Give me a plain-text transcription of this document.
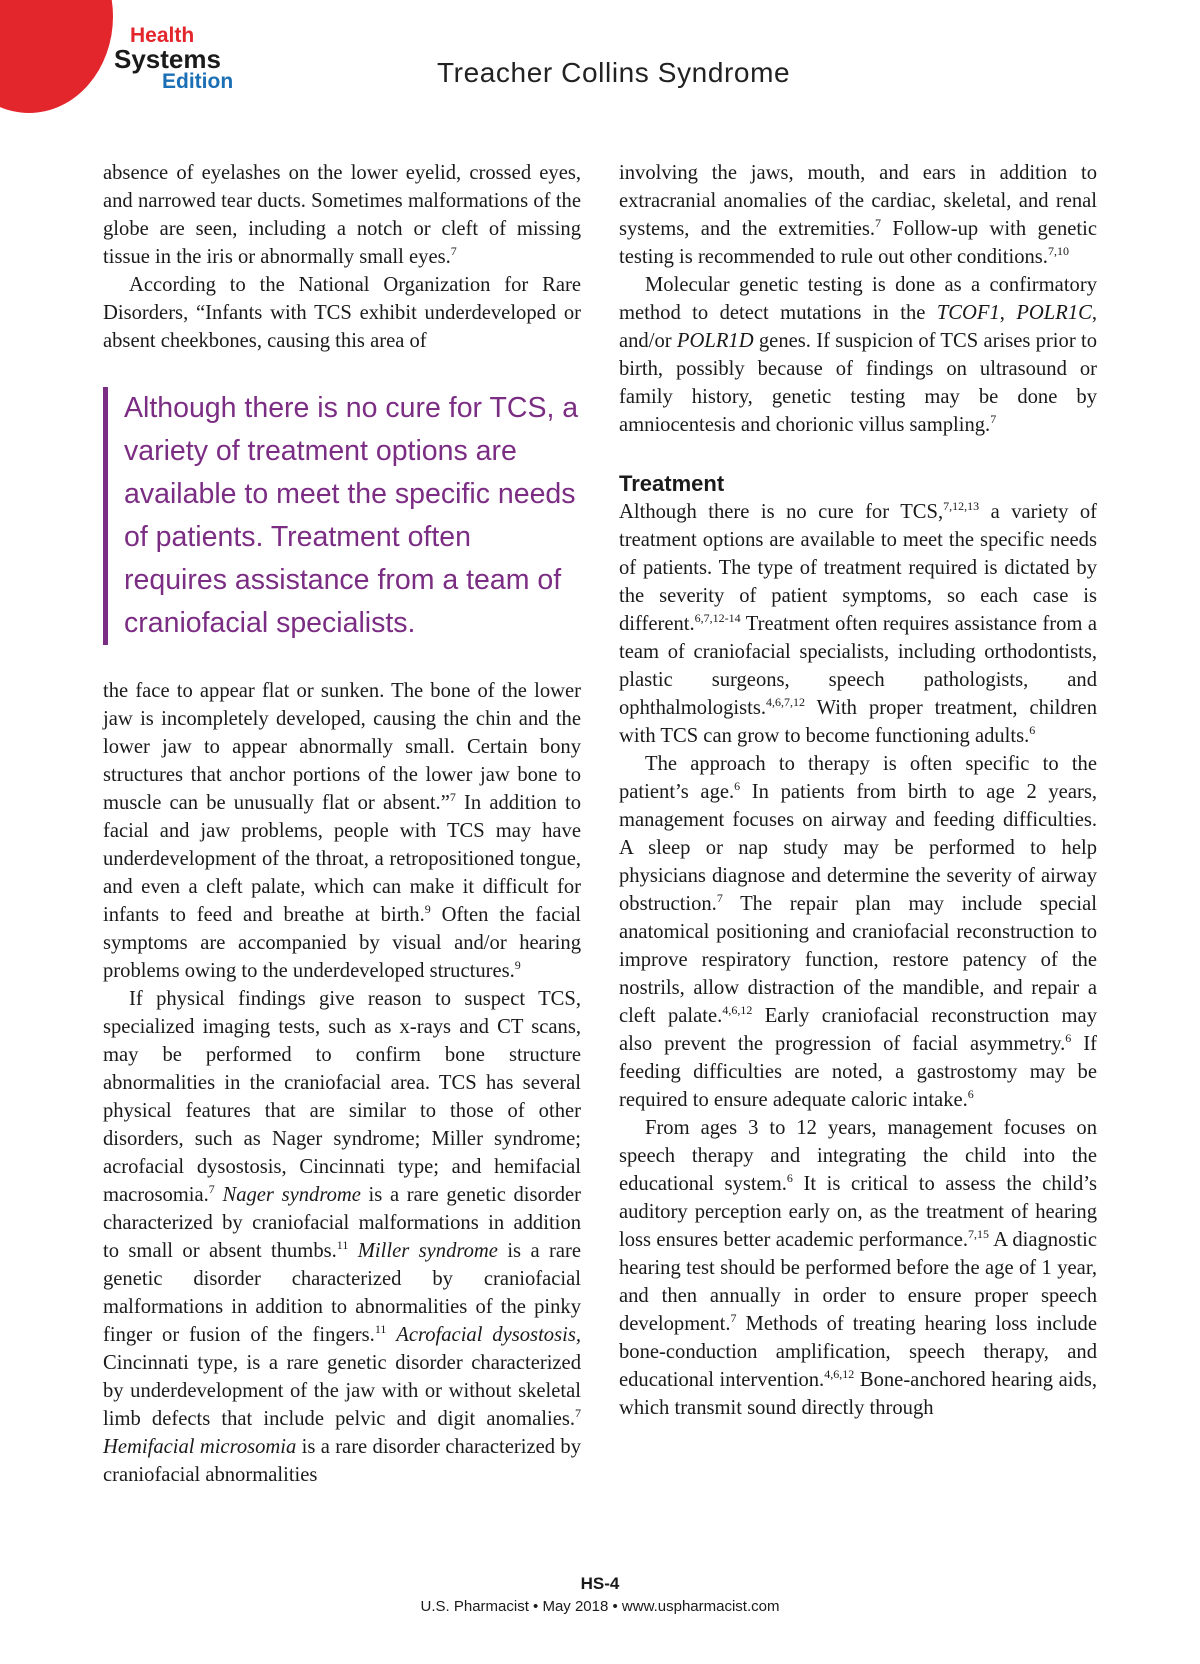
Health
Systems
Edition	Treacher Collins Syndrome

absence of eyelashes on the lower eyelid, crossed eyes, and narrowed tear ducts. Sometimes malformations of the globe are seen, including a notch or cleft of missing tissue in the iris or abnormally small eyes.$^7$

According to the National Organization for Rare Disorders, “Infants with TCS exhibit underdeveloped or absent cheekbones, causing this area of

Although there is no cure for TCS, a variety of treatment options are available to meet the specific needs of patients. Treatment often requires assistance from a team of craniofacial specialists.

the face to appear flat or sunken. The bone of the lower jaw is incompletely developed, causing the chin and the lower jaw to appear abnormally small. Certain bony structures that anchor portions of the lower jaw bone to muscle can be unusually flat or absent.”$^7$ In addition to facial and jaw problems, people with TCS may have underdevelopment of the throat, a retropositioned tongue, and even a cleft palate, which can make it difficult for infants to feed and breathe at birth.$^9$ Often the facial symptoms are accompanied by visual and/or hearing problems owing to the underdeveloped structures.$^9$

If physical findings give reason to suspect TCS, specialized imaging tests, such as x-rays and CT scans, may be performed to confirm bone structure abnormalities in the craniofacial area. TCS has several physical features that are similar to those of other disorders, such as Nager syndrome; Miller syndrome; acrofacial dysostosis, Cincinnati type; and hemifacial macrosomia.$^7$ Nager syndrome is a rare genetic disorder characterized by craniofacial malformations in addition to small or absent thumbs.$^{11}$ Miller syndrome is a rare genetic disorder characterized by craniofacial malformations in addition to abnormalities of the pinky finger or fusion of the fingers.$^{11}$ Acrofacial dysostosis, Cincinnati type, is a rare genetic disorder characterized by underdevelopment of the jaw with or without skeletal limb defects that include pelvic and digit anomalies.$^7$ Hemifacial microsomia is a rare disorder characterized by craniofacial abnormalities

involving the jaws, mouth, and ears in addition to extracranial anomalies of the cardiac, skeletal, and renal systems, and the extremities.$^7$ Follow-up with genetic testing is recommended to rule out other conditions.$^{7,10}$

Molecular genetic testing is done as a confirmatory method to detect mutations in the TCOF1, POLR1C, and/or POLR1D genes. If suspicion of TCS arises prior to birth, possibly because of findings on ultrasound or family history, genetic testing may be done by amniocentesis and chorionic villus sampling.$^7$

Treatment

Although there is no cure for TCS,$^{7,12,13}$ a variety of treatment options are available to meet the specific needs of patients. The type of treatment required is dictated by the severity of patient symptoms, so each case is different.$^{6,7,12-14}$ Treatment often requires assistance from a team of craniofacial specialists, including orthodontists, plastic surgeons, speech pathologists, and ophthalmologists.$^{4,6,7,12}$ With proper treatment, children with TCS can grow to become functioning adults.$^6$

The approach to therapy is often specific to the patient’s age.$^6$ In patients from birth to age 2 years, management focuses on airway and feeding difficulties. A sleep or nap study may be performed to help physicians diagnose and determine the severity of airway obstruction.$^7$ The repair plan may include special anatomical positioning and craniofacial reconstruction to improve respiratory function, restore patency of the nostrils, allow distraction of the mandible, and repair a cleft palate.$^{4,6,12}$ Early craniofacial reconstruction may also prevent the progression of facial asymmetry.$^6$ If feeding difficulties are noted, a gastrostomy may be required to ensure adequate caloric intake.$^6$

From ages 3 to 12 years, management focuses on speech therapy and integrating the child into the educational system.$^6$ It is critical to assess the child’s auditory perception early on, as the treatment of hearing loss ensures better academic performance.$^{7,15}$ A diagnostic hearing test should be performed before the age of 1 year, and then annually in order to ensure proper speech development.$^7$ Methods of treating hearing loss include bone-conduction amplification, speech therapy, and educational intervention.$^{4,6,12}$ Bone-anchored hearing aids, which transmit sound directly through

HS-4
U.S. Pharmacist • May 2018 • www.uspharmacist.com
